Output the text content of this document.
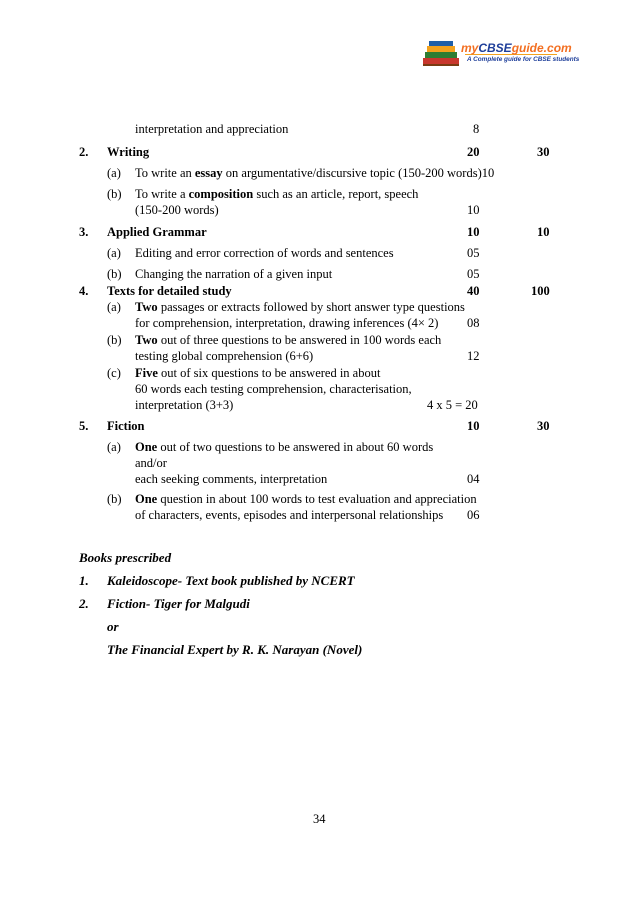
myCBSEguide.com
A Complete guide for CBSE students
interpretation and appreciation	8
2. Writing	20	30
(a) To write an essay on argumentative/discursive topic (150-200 words)10
(b) To write a composition such as an article, report, speech
(150-200 words)	10
3. Applied Grammar	10	10
(a) Editing and error correction of words and sentences	05
(b) Changing the narration of a given input	05
4. Texts for detailed study	40	100
(a) Two passages or extracts followed by short answer type questions
for comprehension, interpretation, drawing inferences (4× 2) 08
(b) Two out of three questions to be answered in 100 words each
testing global comprehension (6+6)	12
(c) Five out of six questions to be answered in about
60 words each testing comprehension, characterisation,
interpretation (3+3)	4 x 5 = 20
5. Fiction	10	30
(a) One out of two questions to be answered in about 60 words
and/or
each seeking comments, interpretation	04
(b) One question in about 100 words to test evaluation and appreciation
of characters, events, episodes and interpersonal relationships 06
Books prescribed
1. Kaleidoscope- Text book published by NCERT
2. Fiction- Tiger for Malgudi
or
The Financial Expert by R. K. Narayan (Novel)
34
